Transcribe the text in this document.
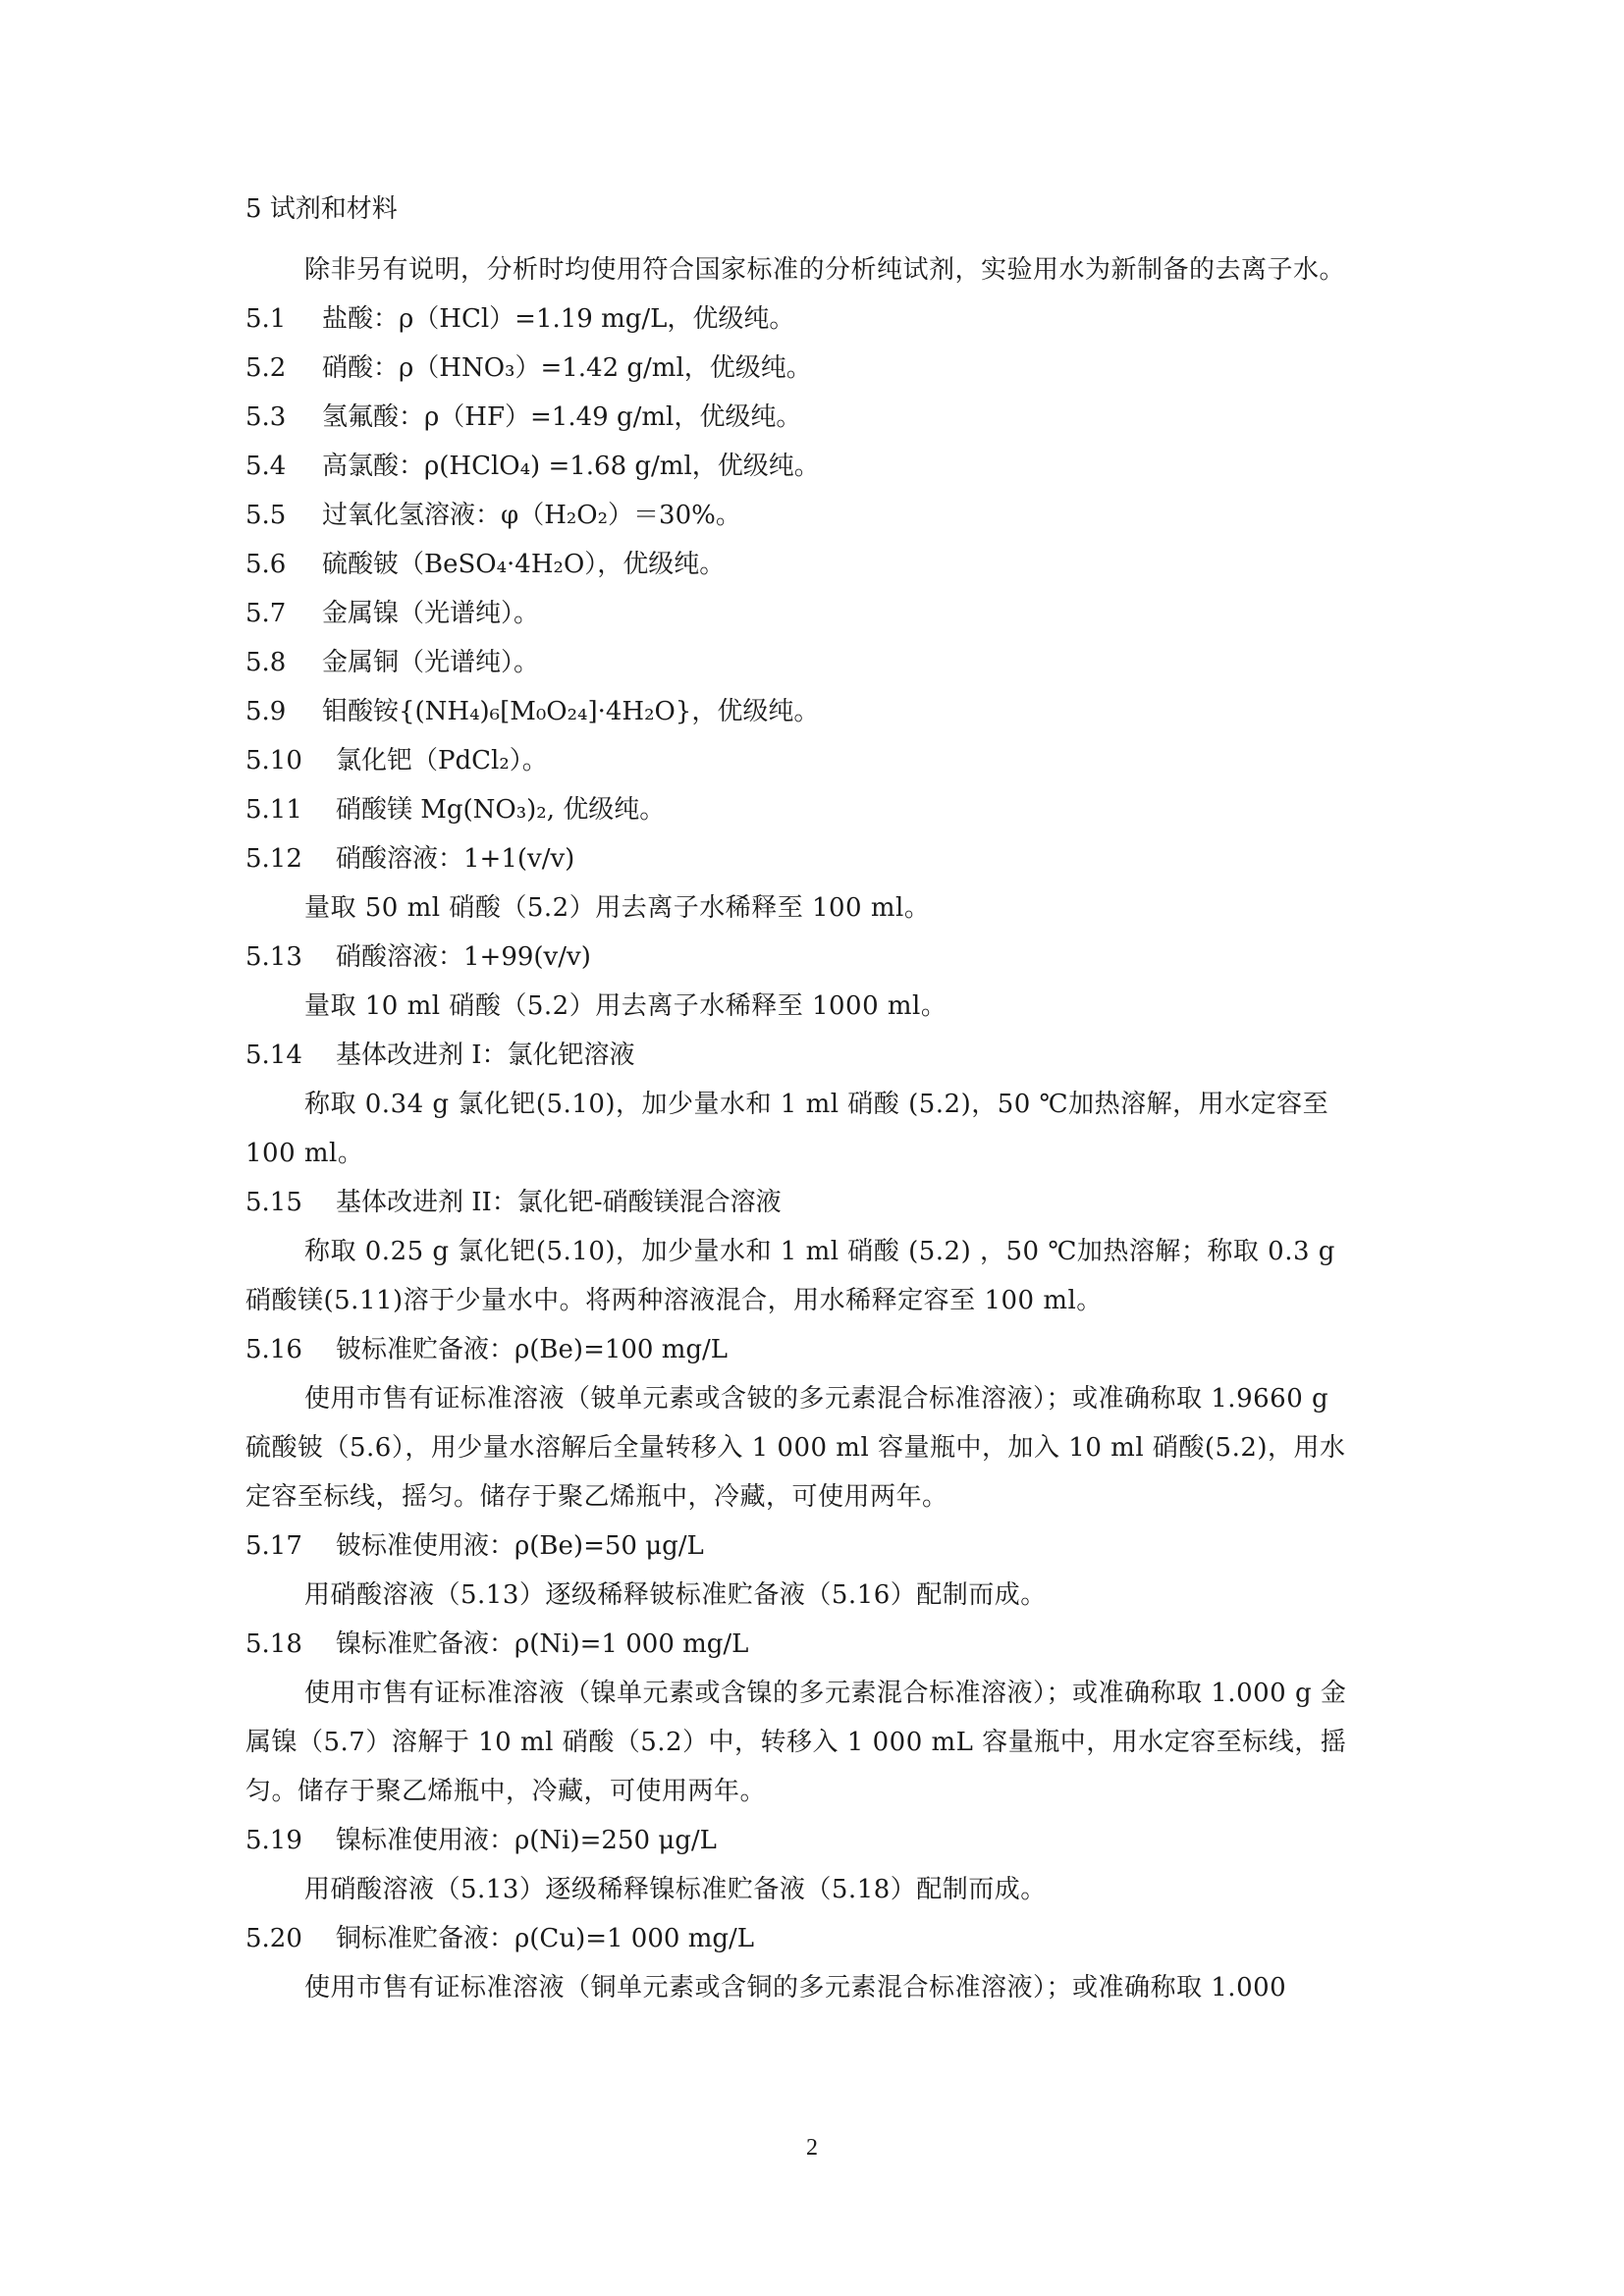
5 试剂和材料
除非另有说明，分析时均使用符合国家标准的分析纯试剂，实验用水为新制备的去离子水。
5.1 盐酸：ρ（HCl）=1.19 mg/L，优级纯。
5.2 硝酸：ρ（HNO₃）=1.42 g/ml，优级纯。
5.3 氢氟酸：ρ（HF）=1.49 g/ml，优级纯。
5.4 高氯酸：ρ(HClO₄) =1.68 g/ml，优级纯。
5.5 过氧化氢溶液：φ（H₂O₂）＝30%。
5.6 硫酸铍（BeSO₄·4H₂O），优级纯。
5.7 金属镍（光谱纯）。
5.8 金属铜（光谱纯）。
5.9 钼酸铵{(NH₄)₆[M₀O₂₄]·4H₂O}，优级纯。
5.10 氯化钯（PdCl₂）。
5.11 硝酸镁 Mg(NO₃)₂, 优级纯。
5.12 硝酸溶液：1+1(v/v)
量取 50 ml 硝酸（5.2）用去离子水稀释至 100 ml。
5.13 硝酸溶液：1+99(v/v)
量取 10 ml 硝酸（5.2）用去离子水稀释至 1000 ml。
5.14 基体改进剂 I：氯化钯溶液
称取 0.34 g 氯化钯(5.10)，加少量水和 1 ml 硝酸 (5.2)，50 ℃加热溶解，用水定容至 100 ml。
5.15 基体改进剂 II：氯化钯-硝酸镁混合溶液
称取 0.25 g 氯化钯(5.10)，加少量水和 1 ml 硝酸 (5.2) ，50 ℃加热溶解；称取 0.3 g 硝酸镁(5.11)溶于少量水中。将两种溶液混合，用水稀释定容至 100 ml。
5.16 铍标准贮备液：ρ(Be)=100 mg/L
使用市售有证标准溶液（铍单元素或含铍的多元素混合标准溶液）；或准确称取 1.9660 g 硫酸铍（5.6），用少量水溶解后全量转移入 1 000 ml 容量瓶中，加入 10 ml 硝酸(5.2)，用水定容至标线，摇匀。储存于聚乙烯瓶中，冷藏，可使用两年。
5.17 铍标准使用液：ρ(Be)=50 μg/L
用硝酸溶液（5.13）逐级稀释铍标准贮备液（5.16）配制而成。
5.18 镍标准贮备液：ρ(Ni)=1 000 mg/L
使用市售有证标准溶液（镍单元素或含镍的多元素混合标准溶液）；或准确称取 1.000 g 金属镍（5.7）溶解于 10 ml 硝酸（5.2）中，转移入 1 000 mL 容量瓶中，用水定容至标线，摇匀。储存于聚乙烯瓶中，冷藏，可使用两年。
5.19 镍标准使用液：ρ(Ni)=250 μg/L
用硝酸溶液（5.13）逐级稀释镍标准贮备液（5.18）配制而成。
5.20 铜标准贮备液：ρ(Cu)=1 000 mg/L
使用市售有证标准溶液（铜单元素或含铜的多元素混合标准溶液）；或准确称取 1.000
2
